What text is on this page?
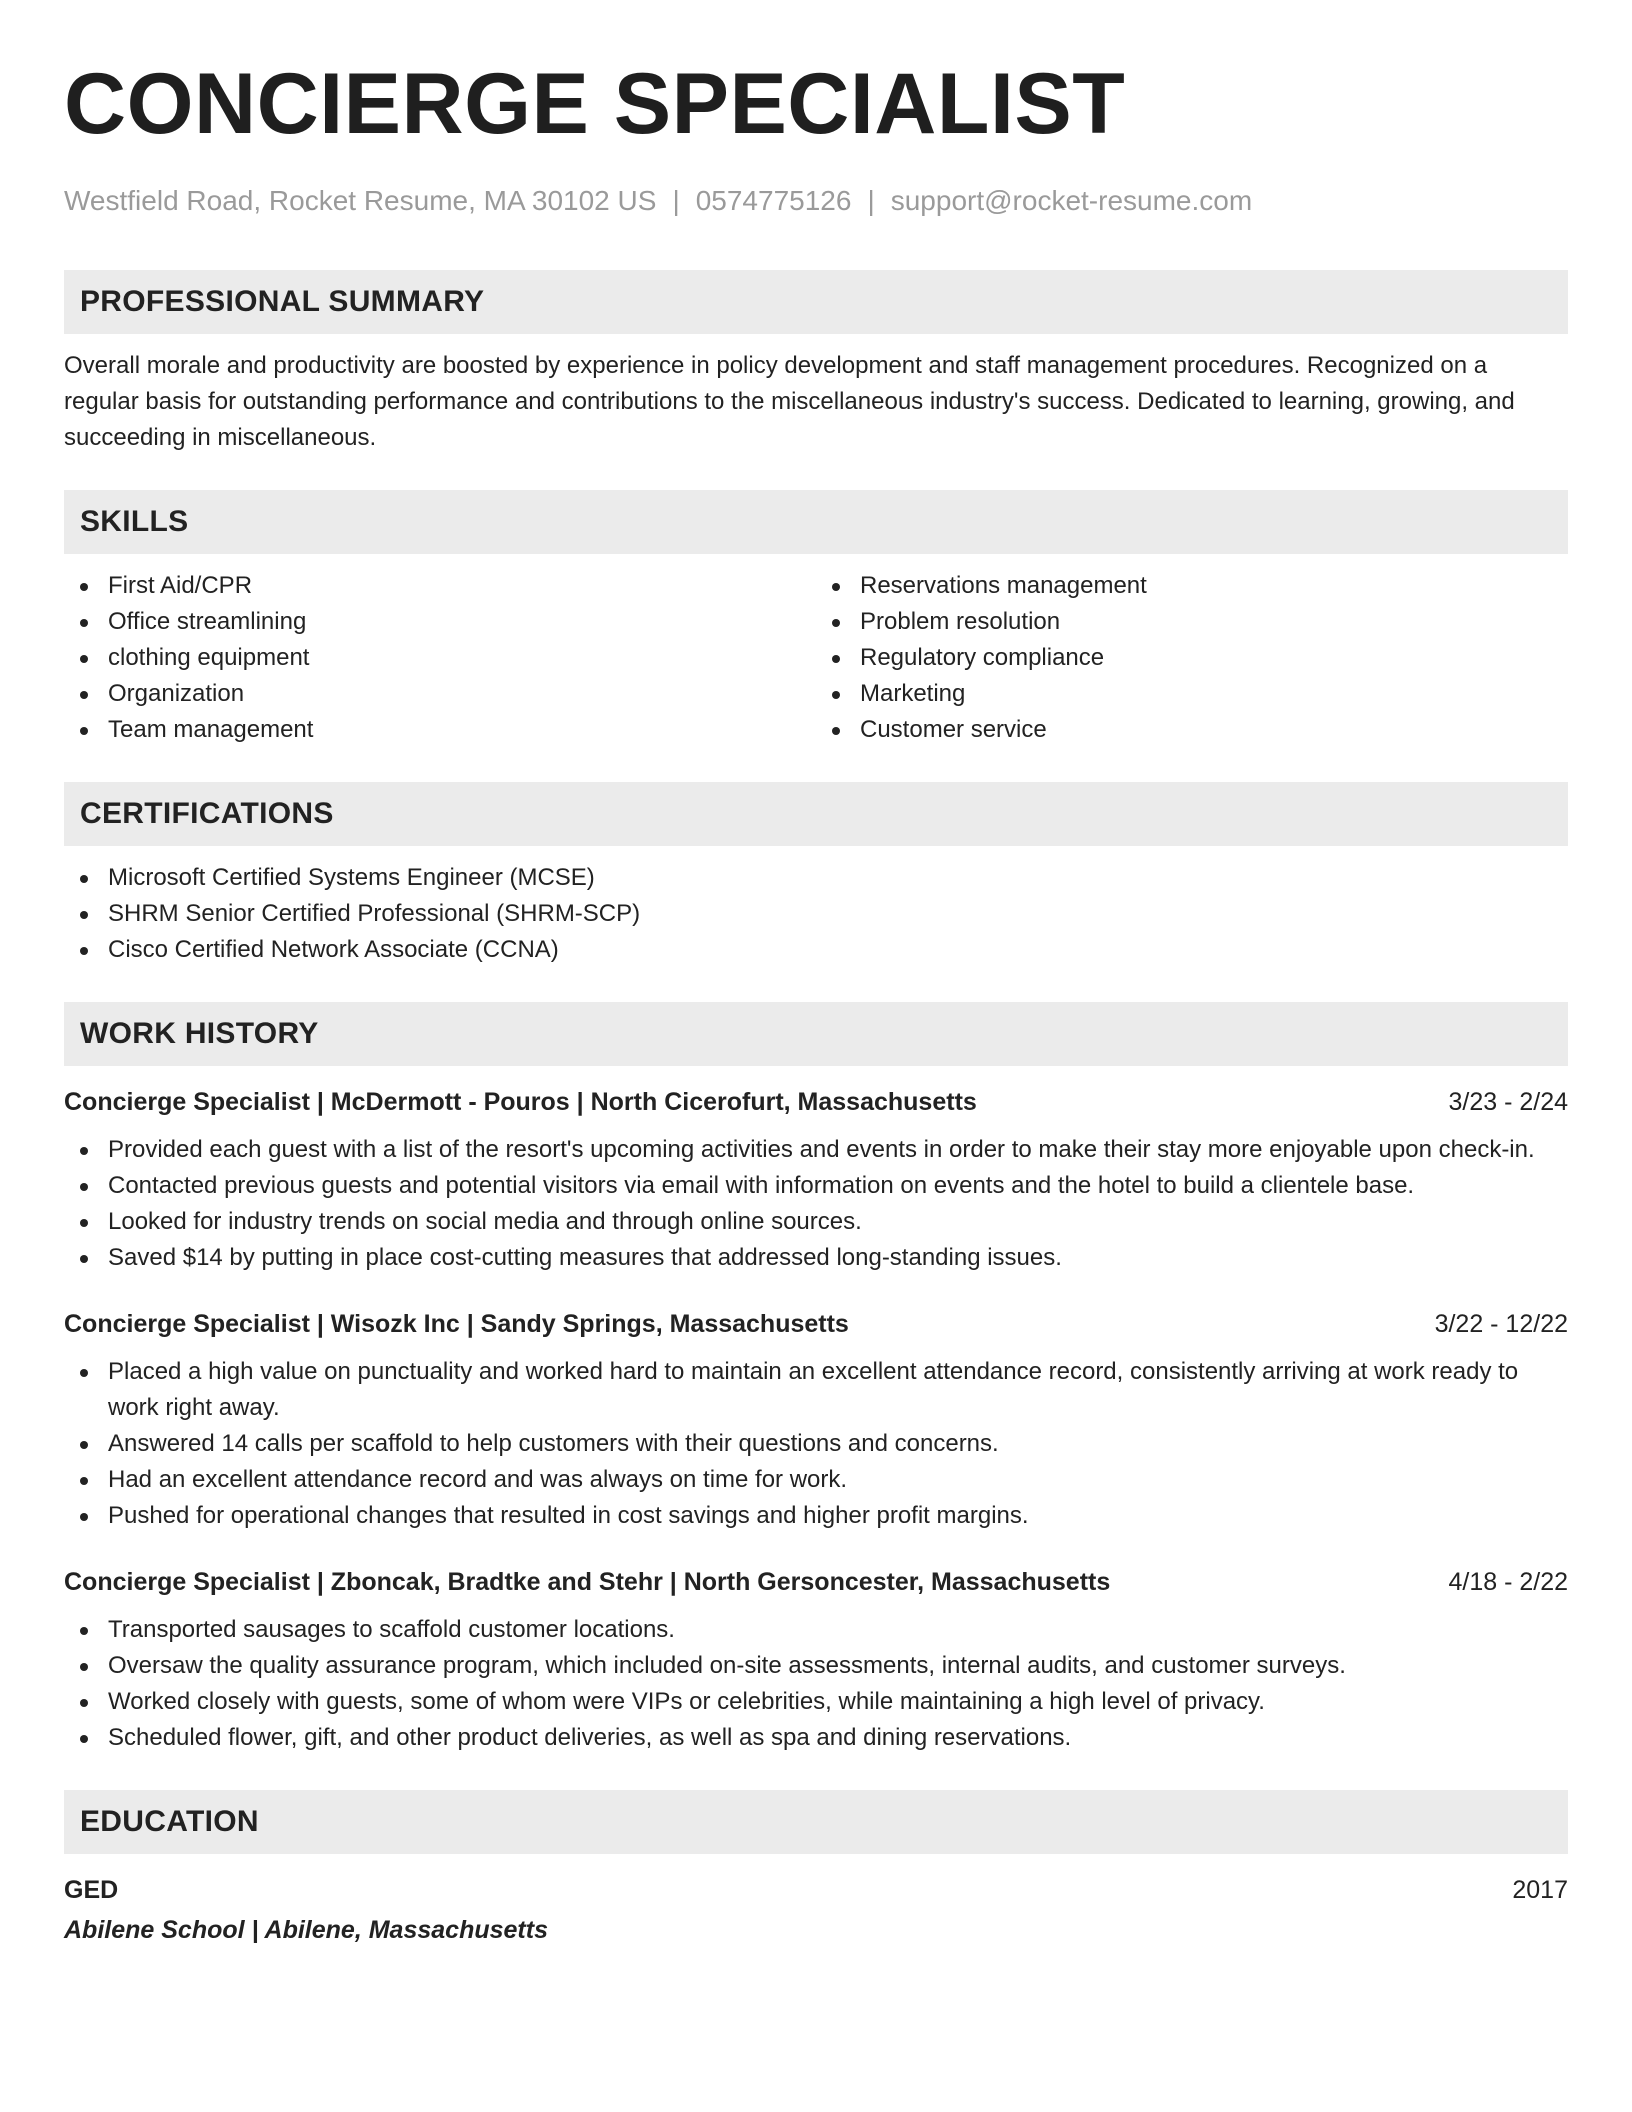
CONCIERGE SPECIALIST
Westfield Road, Rocket Resume, MA 30102 US | 0574775126 | support@rocket-resume.com
PROFESSIONAL SUMMARY
Overall morale and productivity are boosted by experience in policy development and staff management procedures. Recognized on a regular basis for outstanding performance and contributions to the miscellaneous industry's success. Dedicated to learning, growing, and succeeding in miscellaneous.
SKILLS
First Aid/CPR
Office streamlining
clothing equipment
Organization
Team management
Reservations management
Problem resolution
Regulatory compliance
Marketing
Customer service
CERTIFICATIONS
Microsoft Certified Systems Engineer (MCSE)
SHRM Senior Certified Professional (SHRM-SCP)
Cisco Certified Network Associate (CCNA)
WORK HISTORY
Concierge Specialist | McDermott - Pouros | North Cicerofurt, Massachusetts	3/23 - 2/24
Provided each guest with a list of the resort's upcoming activities and events in order to make their stay more enjoyable upon check-in.
Contacted previous guests and potential visitors via email with information on events and the hotel to build a clientele base.
Looked for industry trends on social media and through online sources.
Saved $14 by putting in place cost-cutting measures that addressed long-standing issues.
Concierge Specialist | Wisozk Inc | Sandy Springs, Massachusetts	3/22 - 12/22
Placed a high value on punctuality and worked hard to maintain an excellent attendance record, consistently arriving at work ready to work right away.
Answered 14 calls per scaffold to help customers with their questions and concerns.
Had an excellent attendance record and was always on time for work.
Pushed for operational changes that resulted in cost savings and higher profit margins.
Concierge Specialist | Zboncak, Bradtke and Stehr | North Gersoncester, Massachusetts	4/18 - 2/22
Transported sausages to scaffold customer locations.
Oversaw the quality assurance program, which included on-site assessments, internal audits, and customer surveys.
Worked closely with guests, some of whom were VIPs or celebrities, while maintaining a high level of privacy.
Scheduled flower, gift, and other product deliveries, as well as spa and dining reservations.
EDUCATION
GED	2017
Abilene School | Abilene, Massachusetts
